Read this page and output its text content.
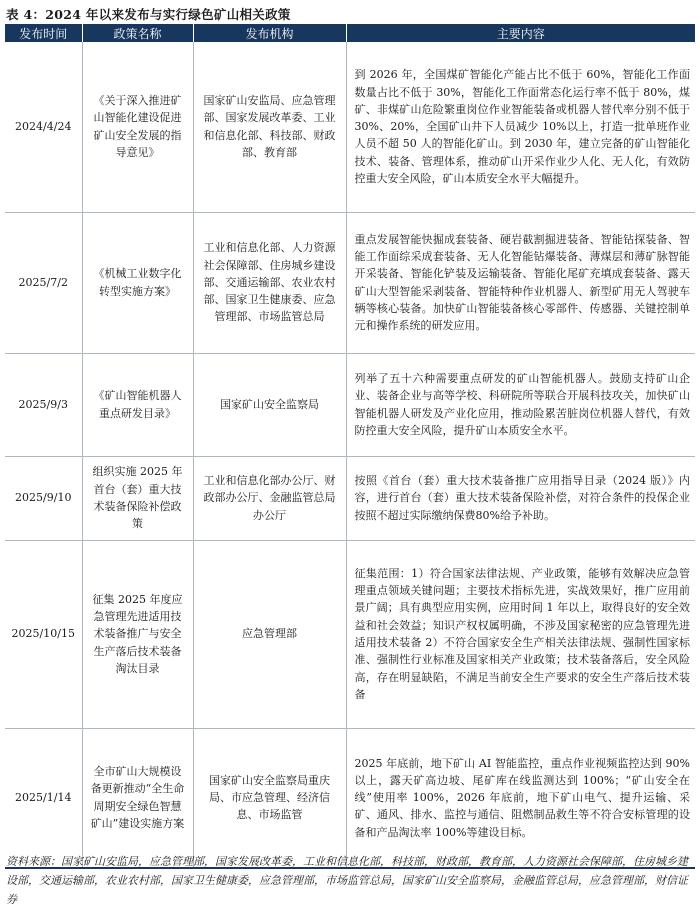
表 4：2024 年以来发布与实行绿色矿山相关政策
发布时间	政策名称	发布机构	主要内容
2024/4/24	《关于深入推进矿山智能化建设促进矿山安全发展的指导意见》	国家矿山安监局、应急管理部、国家发展改革委、工业和信息化部、科技部、财政部、教育部	到 2026 年，全国煤矿智能化产能占比不低于 60%，智能化工作面数量占比不低于 30%，智能化工作面常态化运行率不低于 80%，煤矿、非煤矿山危险繁重岗位作业智能装备或机器人替代率分别不低于 30%、20%，全国矿山井下人员减少 10%以上，打造一批单班作业人员不超 50 人的智能化矿山。到 2030 年，建立完备的矿山智能化技术、装备、管理体系，推动矿山开采作业少人化、无人化，有效防控重大安全风险，矿山本质安全水平大幅提升。
2025/7/2	《机械工业数字化转型实施方案》	工业和信息化部、人力资源社会保障部、住房城乡建设部、交通运输部、农业农村部、国家卫生健康委、应急管理部、市场监管总局	重点发展智能快掘成套装备、硬岩截割掘进装备、智能钻探装备、智能工作面综采成套装备、无人化智能钻爆装备、薄煤层和薄矿脉智能开采装备、智能化铲装及运输装备、智能化尾矿充填成套装备、露天矿山大型智能采剥装备、智能特种作业机器人、新型矿用无人驾驶车辆等核心装备。加快矿山智能装备核心零部件、传感器、关键控制单元和操作系统的研发应用。
2025/9/3	《矿山智能机器人重点研发目录》	国家矿山安全监察局	列举了五十六种需要重点研发的矿山智能机器人。鼓励支持矿山企业、装备企业与高等学校、科研院所等联合开展科技攻关，加快矿山智能机器人研发及产业化应用，推动险累苦脏岗位机器人替代，有效防控重大安全风险，提升矿山本质安全水平。
2025/9/10	组织实施 2025 年首台（套）重大技术装备保险补偿政策	工业和信息化部办公厅、财政部办公厅、金融监管总局办公厅	按照《首台（套）重大技术装备推广应用指导目录（2024 版）》内容，进行首台（套）重大技术装备保险补偿，对符合条件的投保企业按照不超过实际缴纳保费80%给予补助。
2025/10/15	征集 2025 年度应急管理先进适用技术装备推广与安全生产落后技术装备淘汰目录	应急管理部	征集范围：1）符合国家法律法规、产业政策，能够有效解决应急管理重点领域关键问题；主要技术指标先进，实战效果好，推广应用前景广阔；具有典型应用实例，应用时间 1 年以上，取得良好的安全效益和社会效益；知识产权权属明确，不涉及国家秘密的应急管理先进适用技术装备 2）不符合国家安全生产相关法律法规、强制性国家标准、强制性行业标准及国家相关产业政策；技术装备落后，安全风险高，存在明显缺陷，不满足当前安全生产要求的安全生产落后技术装备
2025/1/14	全市矿山大规模设备更新推动“全生命周期安全绿色智慧矿山”建设实施方案	国家矿山安全监察局重庆局、市应急管理、经济信息、市场监管	2025 年底前，地下矿山 AI 智能监控，重点作业视频监控达到 90%以上，露天矿高边坡、尾矿库在线监测达到 100%；“矿山安全在线”使用率 100%，2026 年底前，地下矿山电气、提升运输、采矿、通风、排水、监控与通信、阻燃制品救生等不符合安标管理的设备和产品淘汰率 100%等建设目标。
资料来源：国家矿山安监局，应急管理部，国家发展改革委，工业和信息化部，科技部，财政部，教育部，人力资源社会保障部，住房城乡建设部，交通运输部，农业农村部，国家卫生健康委，应急管理部，市场监管总局，国家矿山安全监察局，金融监管总局，应急管理部，财信证券
